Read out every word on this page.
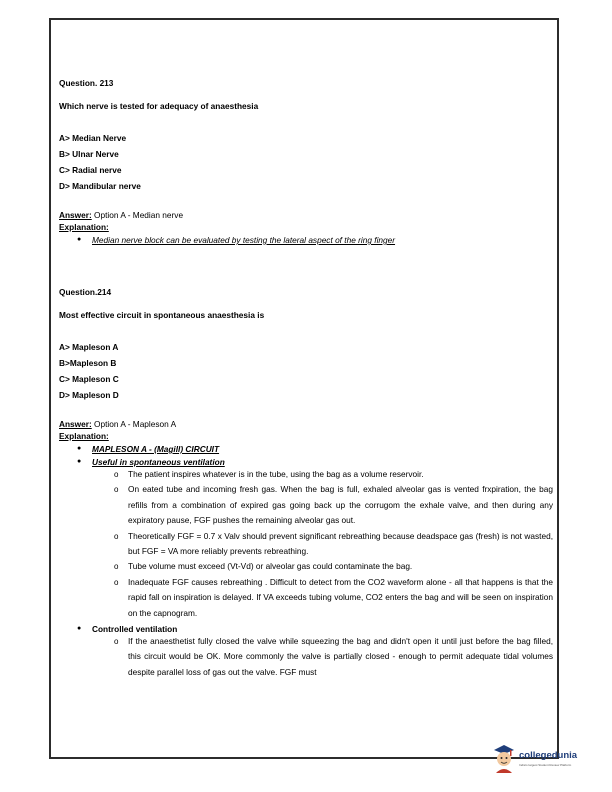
Question. 213

Which nerve is tested for adequacy of anaesthesia

A> Median Nerve
B> Ulnar Nerve
C> Radial nerve
D> Mandibular nerve
Answer: Option A - Median nerve
Explanation:
● Median nerve block can be evaluated by testing the lateral aspect of the ring finger

Question.214

Most effective circuit in spontaneous anaesthesia is

A> Mapleson A
B>Mapleson B
C> Mapleson C
D> Mapleson D
Answer: Option A - Mapleson A
Explanation:
● MAPLESON A - (Magill) CIRCUIT
● Useful in spontaneous ventilation
o The patient inspires whatever is in the tube, using the bag as a volume reservoir.
o On eated tube and incoming fresh gas. When the bag is full, exhaled alveolar gas is vented frxpiration, the bag refills from a combination of expired gas going back up the corrugom the exhale valve, and then during any expiratory pause, FGF pushes the remaining alveolar gas out.
o Theoretically FGF = 0.7 x Valv should prevent significant rebreathing because deadspace gas (fresh) is not wasted, but FGF = VA more reliably prevents rebreathing.
o Tube volume must exceed (Vt-Vd) or alveolar gas could contaminate the bag.
o Inadequate FGF causes rebreathing . Difficult to detect from the CO2 waveform alone - all that happens is that the rapid fall on inspiration is delayed. If VA exceeds tubing volume, CO2 enters the bag and will be seen on inspiration on the capnogram.
● Controlled ventilation
o If the anaesthetist fully closed the valve while squeezing the bag and didn't open it until just before the bag filled, this circuit would be OK. More commonly the valve is partially closed - enough to permit adequate tidal volumes despite parallel loss of gas out the valve. FGF must
collegedunia
India's largest Student Review Platform
